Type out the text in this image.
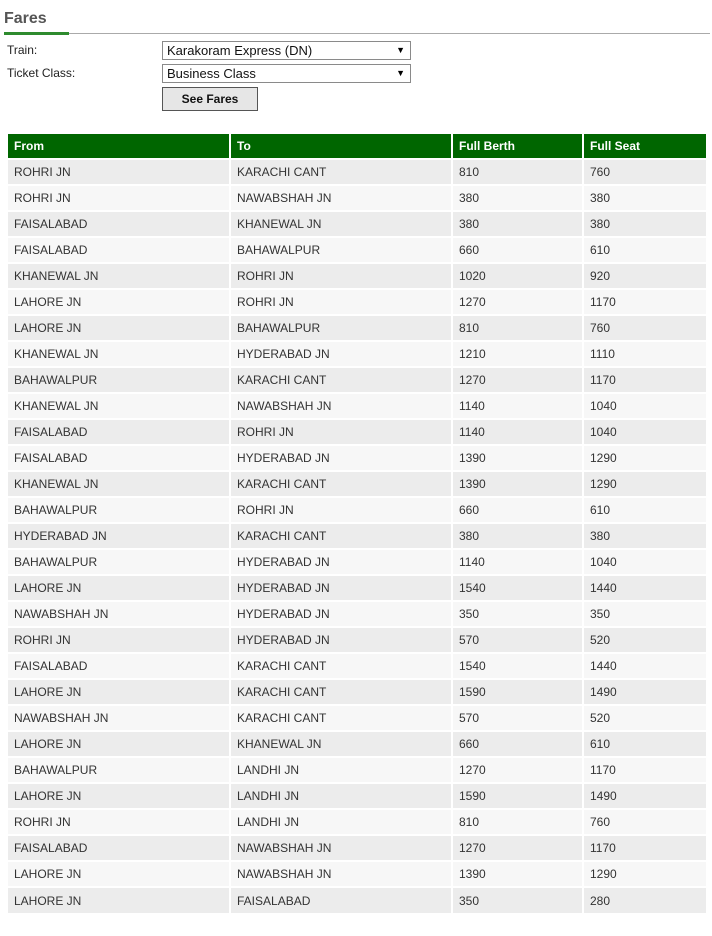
Fares
Train:	Karakoram Express (DN)	▼
Ticket Class:	Business Class	▼
See Fares
From	To	Full Berth	Full Seat
ROHRI JN	KARACHI CANT	810	760
ROHRI JN	NAWABSHAH JN	380	380
FAISALABAD	KHANEWAL JN	380	380
FAISALABAD	BAHAWALPUR	660	610
KHANEWAL JN	ROHRI JN	1020	920
LAHORE JN	ROHRI JN	1270	1170
LAHORE JN	BAHAWALPUR	810	760
KHANEWAL JN	HYDERABAD JN	1210	1110
BAHAWALPUR	KARACHI CANT	1270	1170
KHANEWAL JN	NAWABSHAH JN	1140	1040
FAISALABAD	ROHRI JN	1140	1040
FAISALABAD	HYDERABAD JN	1390	1290
KHANEWAL JN	KARACHI CANT	1390	1290
BAHAWALPUR	ROHRI JN	660	610
HYDERABAD JN	KARACHI CANT	380	380
BAHAWALPUR	HYDERABAD JN	1140	1040
LAHORE JN	HYDERABAD JN	1540	1440
NAWABSHAH JN	HYDERABAD JN	350	350
ROHRI JN	HYDERABAD JN	570	520
FAISALABAD	KARACHI CANT	1540	1440
LAHORE JN	KARACHI CANT	1590	1490
NAWABSHAH JN	KARACHI CANT	570	520
LAHORE JN	KHANEWAL JN	660	610
BAHAWALPUR	LANDHI JN	1270	1170
LAHORE JN	LANDHI JN	1590	1490
ROHRI JN	LANDHI JN	810	760
FAISALABAD	NAWABSHAH JN	1270	1170
LAHORE JN	NAWABSHAH JN	1390	1290
LAHORE JN	FAISALABAD	350	280
